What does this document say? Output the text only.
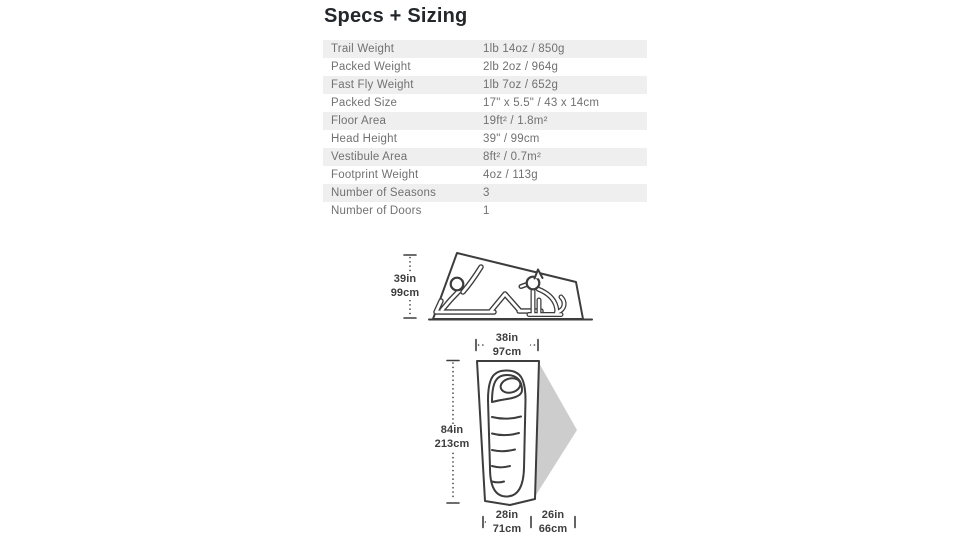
Specs + Sizing
Trail Weight	1lb 14oz / 850g
Packed Weight	2lb 2oz / 964g
Fast Fly Weight	1lb 7oz / 652g
Packed Size	17" x 5.5" / 43 x 14cm
Floor Area	19ft² / 1.8m²
Head Height	39" / 99cm
Vestibule Area	8ft² / 0.7m²
Footprint Weight	4oz / 113g
Number of Seasons	3
Number of Doors	1
39in
99cm
38in
97cm
84in
213cm
28in
71cm
26in
66cm
